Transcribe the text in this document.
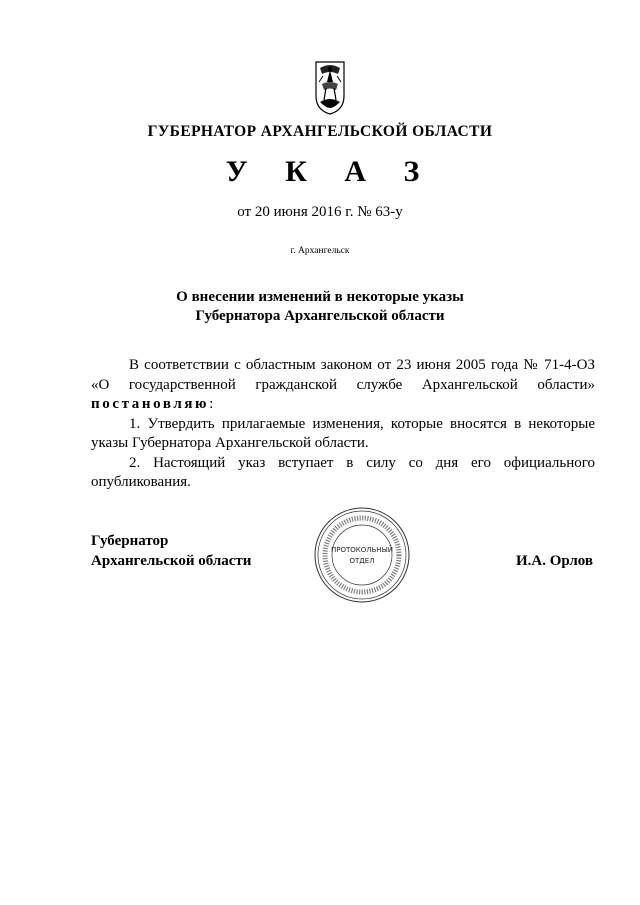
ГУБЕРНАТОР АРХАНГЕЛЬСКОЙ ОБЛАСТИ
У К А З
от 20 июня 2016 г. № 63-у
г. Архангельск
О внесении изменений в некоторые указы
Губернатора Архангельской области

В соответствии с областным законом от 23 июня 2005 года № 71-4-ОЗ «О государственной гражданской службе Архангельской области» постановляю:

1. Утвердить прилагаемые изменения, которые вносятся в некоторые указы Губернатора Архангельской области.

2. Настоящий указ вступает в силу со дня его официального опубликования.

Губернатор
Архангельской области
ПРОТОКОЛЬНЫЙ
ОТДЕЛ	И.А. Орлов
